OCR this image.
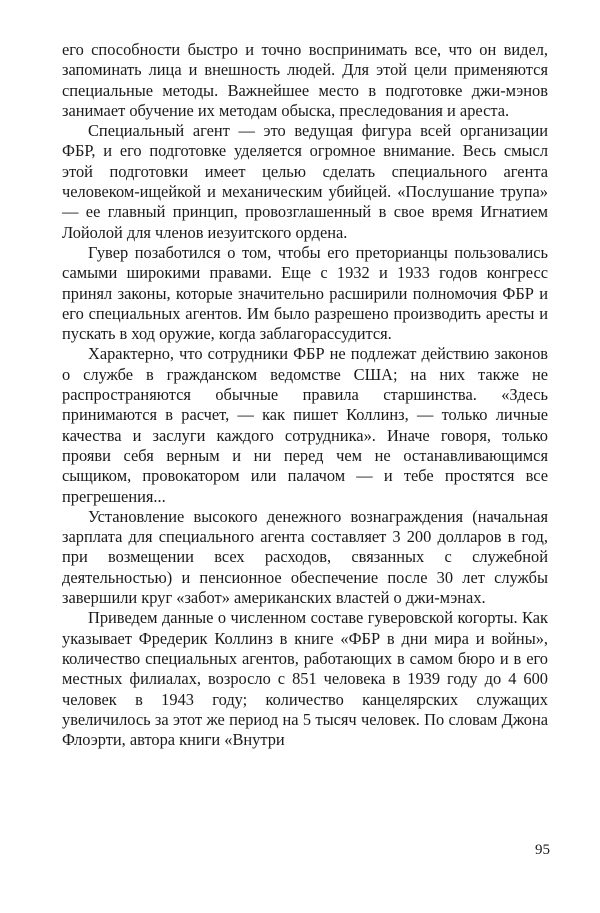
его способности быстро и точно воспринимать все, что он видел, запоминать лица и внешность людей. Для этой цели применяются специальные методы. Важнейшее место в подготовке джи-мэнов занимает обучение их методам обыска, преследования и ареста.

Специальный агент — это ведущая фигура всей организации ФБР, и его подготовке уделяется огромное внимание. Весь смысл этой подготовки имеет целью сделать специального агента человеком-ищейкой и механическим убийцей. «Послушание трупа» — ее главный принцип, провозглашенный в свое время Игнатием Лойолой для членов иезуитского ордена.

Гувер позаботился о том, чтобы его преторианцы пользовались самыми широкими правами. Еще с 1932 и 1933 годов конгресс принял законы, которые значительно расширили полномочия ФБР и его специальных агентов. Им было разрешено производить аресты и пускать в ход оружие, когда заблагорассудится.

Характерно, что сотрудники ФБР не подлежат действию законов о службе в гражданском ведомстве США; на них также не распространяются обычные правила старшинства. «Здесь принимаются в расчет, — как пишет Коллинз, — только личные качества и заслуги каждого сотрудника». Иначе говоря, только прояви себя верным и ни перед чем не останавливающимся сыщиком, провокатором или палачом — и тебе простятся все прегрешения...

Установление высокого денежного вознаграждения (начальная зарплата для специального агента составляет 3 200 долларов в год, при возмещении всех расходов, связанных с служебной деятельностью) и пенсионное обеспечение после 30 лет службы завершили круг «забот» американских властей о джи-мэнах.

Приведем данные о численном составе гуверовской когорты. Как указывает Фредерик Коллинз в книге «ФБР в дни мира и войны», количество специальных агентов, работающих в самом бюро и в его местных филиалах, возросло с 851 человека в 1939 году до 4 600 человек в 1943 году; количество канцелярских служащих увеличилось за этот же период на 5 тысяч человек. По словам Джона Флоэрти, автора книги «Внутри

95
